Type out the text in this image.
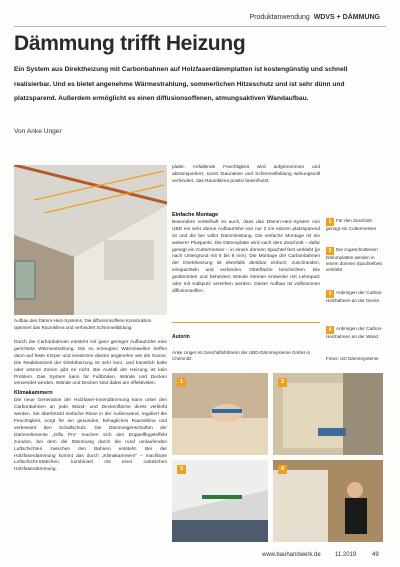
Produktanwendung WDVS + DÄMMUNG
Dämmung trifft Heizung
Ein System aus Direktheizung mit Carbonbahnen auf Holzfaserdämmplatten ist kostengünstig und schnell realisierbar. Und es bietet angenehme Wärmestrahlung, sommerlichen Hitzeschutz und ist sehr dünn und platzsparend. Außerdem ermöglicht es einen diffusionsoffenen, atmungsaktiven Wandaufbau.
Von Anke Unger
Aufbau des Dämm-Heiz-Systems. Die diffusionsoffene Konstruktion optimiert das Raumklima und verhindert Schimmelbildung

Durch die Carbonbahnen entsteht mit ganz geringer Aufbauhöhe eine gerichtete Wärmestrahlung. Die so erzeugten Wärmewellen treffen dann auf feste Körper und erwärmen diesen angenehm wie die Sonne. Die Reaktionszeit der Direktheizung ist sehr kurz, und künstlich kalte oder wärme Zonen gibt es nicht. Bei Ausfall der Heizung ist kein Problem. Das System kann für Fußböden, Wände und Decken verwendet werden. Wände und Decken sind dabei am effektivsten.

Klimakammern

Die neue Generation der Holzfaser-Innendämmung kann unter den Carbonbahnen an jede Wand- und Deckenfläche direkt verklebt werden. Sie überbrückt einfache Risse in der Außenwand, reguliert die Feuchtigkeit, sorgt für ein gesundes, behagliches Raumklima und verbessert den Schallschutz. Die Dämmeigenschaften der Dämmelemente „Difix Pro“ machen sich den Doppelflügeleffekt zunutze, bei dem die Dämmung durch die rund umlaufenden Luftschichten zwischen den Bahnen entsteht. Bei der Holzfaserdämmung kommt das durch „Klimakammern“ – machbare Luftschicht-Stäbchen, kombiniert mit einer natürlichen Holzfaserdämmung.

platte. Anfallende Feuchtigkeit wird aufgenommen und abtransportiert, somit Staunässe und Schimmelbildung wirkungsvoll verhindert, das Raumklima positiv beeinflusst.

Einfache Montage

Besonders vorteilhaft ist auch, dass das Dämm-Heiz-System von UBD ein sehr dünne Aufbauhöhe von nur 2 cm extrem platzsparend ist und die bei voller Dämmleistung. Die einfache Montage ist ein weiterer Pluspunkt. Die Dämmplatte wird nach dem Zuschnitt – dafür genügt ein Cuttermesser – in einem dünnen Spachtel fest verklebt (je nach Untergrund mit 6 bis 8 mm). Die Montage der Carbonbahnen der Direktheizung ist ebenfalls denkbar einfach: zuschneiden, einspachteln und verbinden. Oberfläche beschichten. Die gedämmten und beheizten Wände können entweder mit Lehmputz oder mit Kalkputz versehen werden. Dieser Aufbau ist vollkommen diffusionsoffen.

1 Für den Zuschnitt genügt ein Cuttermesser
2 Die zugeschnittenen Dämmplatten werden in einem dünnen Spachtelbett verklebt
3 Anbringen der Carbon-Heizbahnen an der Decke
4 Anbringen der Carbon-Heizbahnen an der Wand
Fotos: UD Dämmsysteme
Autorin
Anke Unger ist Geschäftsführerin der UBD-Dämmsysteme GmbH in Chemnitz.
1	2
3	4
www.bauhandwerk.de 11.2019	49
